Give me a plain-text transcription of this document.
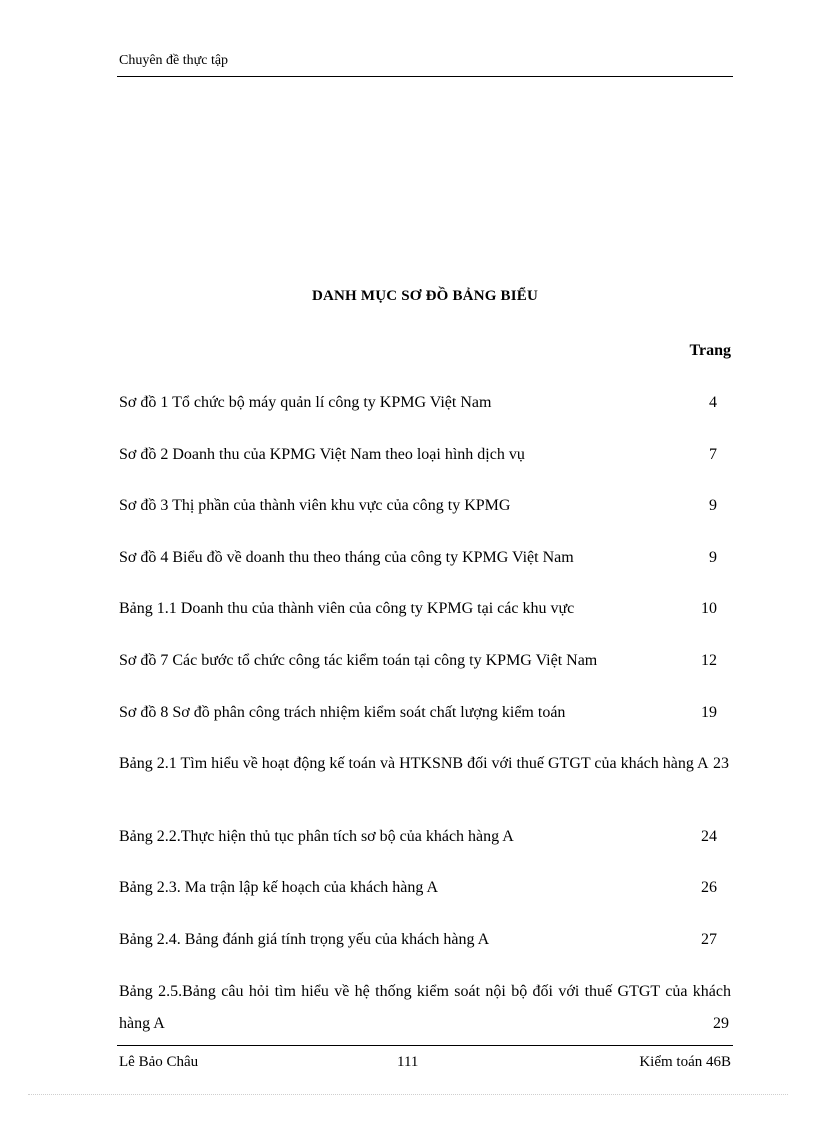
Chuyên đề thực tập
DANH MỤC SƠ ĐỒ BẢNG BIỂU
Trang
Sơ đồ 1 Tổ chức bộ máy quản lí công ty KPMG Việt Nam	4
Sơ đồ 2 Doanh thu của KPMG Việt Nam theo loại hình dịch vụ	7
Sơ đồ 3 Thị phần của thành viên khu vực của công ty KPMG	9
Sơ đồ 4 Biểu đồ về doanh thu theo tháng của công ty KPMG Việt Nam	9
Bảng 1.1 Doanh thu của thành viên của công ty KPMG tại các khu vực	10
Sơ đồ 7 Các bước tổ chức công tác kiểm toán tại công ty KPMG Việt Nam	12
Sơ đồ 8 Sơ đồ phân công trách nhiệm kiểm soát chất lượng kiểm toán	19
Bảng 2.1 Tìm hiểu về hoạt động kế toán và HTKSNB đối với thuế GTGT của khách hàng A 23
Bảng 2.2.Thực hiện thủ tục phân tích sơ bộ của khách hàng A	24
Bảng 2.3. Ma trận lập kế hoạch của khách hàng A	26
Bảng 2.4. Bảng đánh giá tính trọng yếu của khách hàng A	27
Bảng 2.5.Bảng câu hỏi tìm hiểu về hệ thống kiểm soát nội bộ đối với thuế GTGT của khách hàng A	29
Lê Bảo Châu	111	Kiểm toán 46B
